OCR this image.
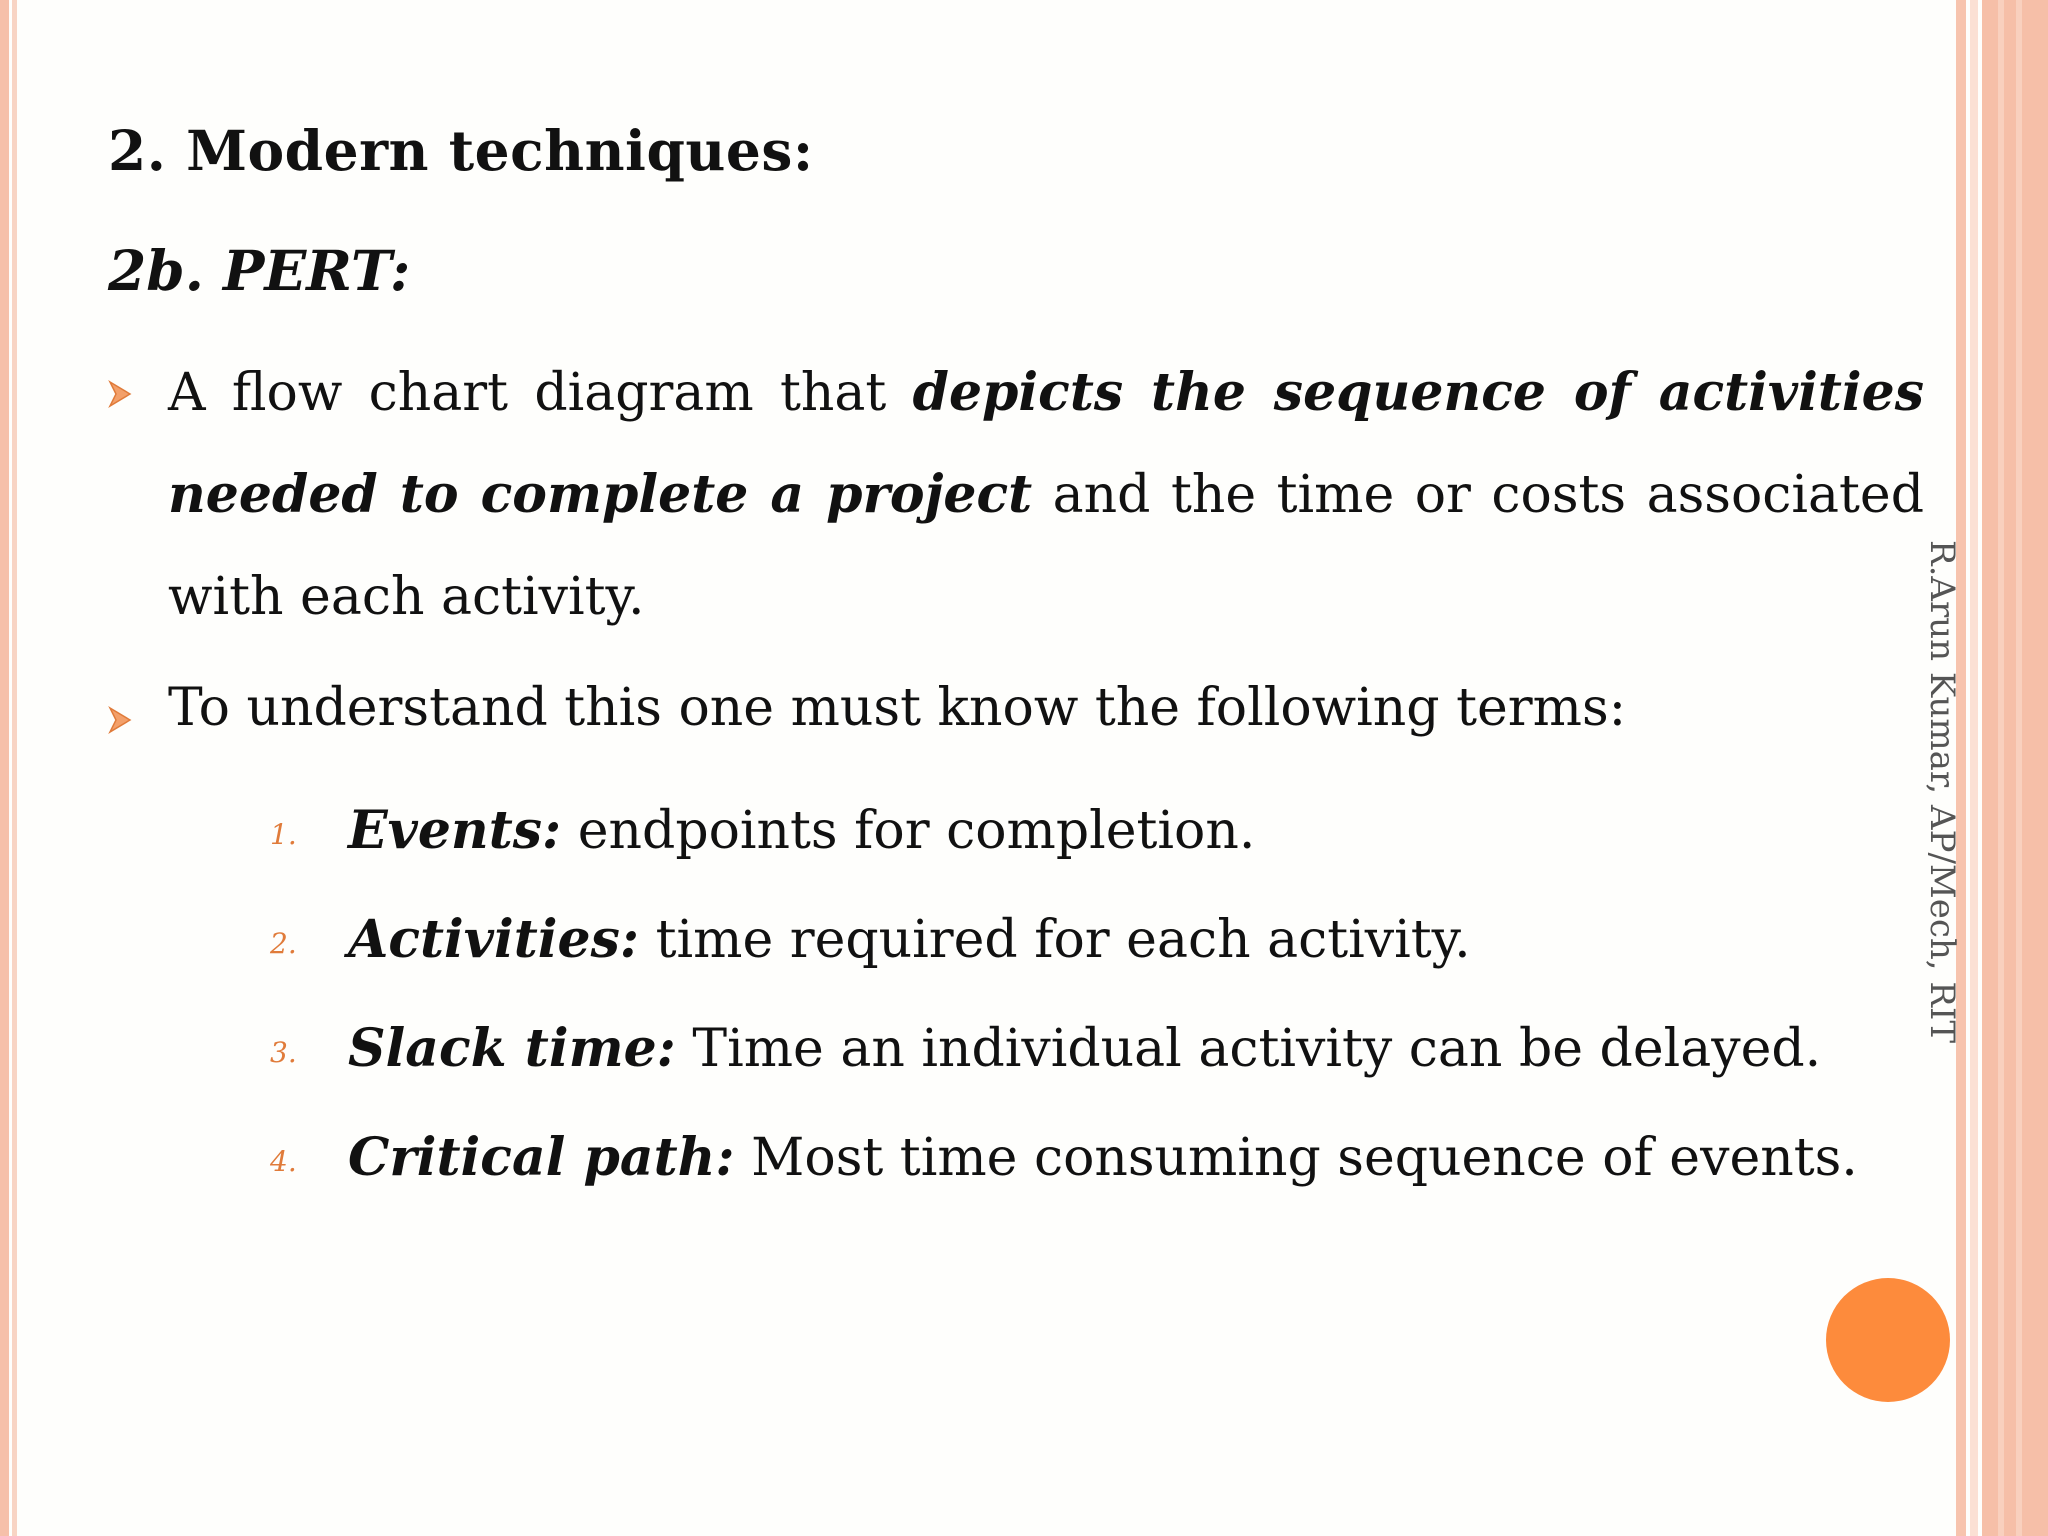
2. Modern techniques:
2b. PERT:
A flow chart diagram that depicts the sequence of activities needed to complete a project and the time or costs associated with each activity.
To understand this one must know the following terms:
1. Events: endpoints for completion.
2. Activities: time required for each activity.
3. Slack time: Time an individual activity can be delayed.
4. Critical path: Most time consuming sequence of events.
R.Arun Kumar, AP/Mech, RIT
